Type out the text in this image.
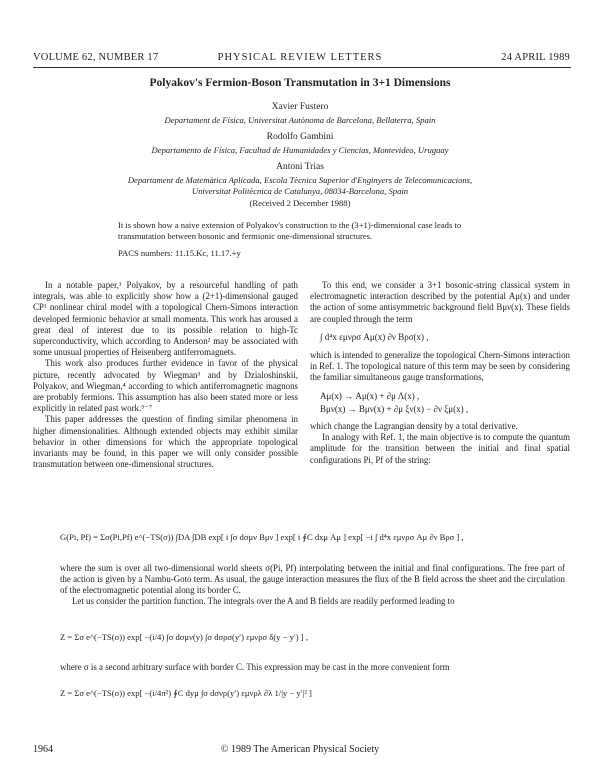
VOLUME 62, NUMBER 17	PHYSICAL REVIEW LETTERS	24 APRIL 1989
Polyakov's Fermion-Boson Transmutation in 3+1 Dimensions
Xavier Fustero
Departament de Física, Universitat Autònoma de Barcelona, Bellaterra, Spain
Rodolfo Gambini
Departamento de Física, Facultad de Humanidades y Ciencias, Montevideo, Uruguay
Antoni Trias
Departament de Matemàtica Aplicada, Escola Tècnica Superior d'Enginyers de Telecomunicacions, Universitat Politècnica de Catalunya, 08034-Barcelona, Spain
(Received 2 December 1988)
It is shown how a naive extension of Polyakov's construction to the (3+1)-dimensional case leads to transmutation between bosonic and fermionic one-dimensional structures.
PACS numbers: 11.15.Kc, 11.17.+y

In a notable paper,¹ Polyakov, by a resourceful handling of path integrals, was able to explicitly show how a (2+1)-dimensional gauged CP¹ nonlinear chiral model with a topological Chern-Simons interaction developed fermionic behavior at small momenta. This work has aroused a great deal of interest due to its possible relation to high-Tc superconductivity, which according to Anderson² may be associated with some unusual properties of Heisenberg antiferromagnets.

This work also produces further evidence in favor of the physical picture, recently advocated by Wiegman³ and by Dzialoshinskii, Polyakov, and Wiegman,⁴ according to which antiferromagnetic magnons are probably fermions. This assumption has also been stated more or less explicitly in related past work.⁵⁻⁷

This paper addresses the question of finding similar phenomena in higher dimensionalities. Although extended objects may exhibit similar behavior in other dimensions for which the appropriate topological invariants may be found, in this paper we will only consider possible transmutation between one-dimensional structures.

To this end, we consider a 3+1 bosonic-string classical system in electromagnetic interaction described by the potential Aμ(x) and under the action of some antisymmetric background field Bμν(x). These fields are coupled through the term

∫ d⁴x εμνρσ Aμ(x) ∂ν Bρσ(x) ,

which is intended to generalize the topological Chern-Simons interaction in Ref. 1. The topological nature of this term may be seen by considering the familiar simultaneous gauge transformations,

Aμ(x) → Aμ(x) + ∂μ Λ(x) ,
Bμν(x) → Bμν(x) + ∂μ ξν(x) − ∂ν ξμ(x) ,

which change the Lagrangian density by a total derivative.

In analogy with Ref. 1, the main objective is to compute the quantum amplitude for the transition between the initial and final spatial configurations Pi, Pf of the string:

G(Pi, Pf) = Σσ(Pi,Pf) e^(−TS(σ)) ∫DA ∫DB exp[ i ∫σ dσμν Bμν ] exp[ i ∮C dxμ Aμ ] exp[ −i ∫ d⁴x εμνρσ Aμ ∂ν Bρσ ] ,

where the sum is over all two-dimensional world sheets σ(Pi, Pf) interpolating between the initial and final configurations. The free part of the action is given by a Nambu-Goto term. As usual, the gauge interaction measures the flux of the B field across the sheet and the circulation of the electromagnetic potential along its border C.

Let us consider the partition function. The integrals over the A and B fields are readily performed leading to

Z = Σσ e^(−TS(σ)) exp[ −(i/4) ∫σ dσμν(y) ∫σ dσρσ(y′) εμνρσ δ(y − y′) ] ,

where σ is a second arbitrary surface with border C. This expression may be cast in the more convenient form

Z = Σσ e^(−TS(σ)) exp[ −(i/4π²) ∮C dyμ ∫σ dσνρ(y′) εμνρλ ∂λ 1/|y − y′|² ]
1964	© 1989 The American Physical Society
